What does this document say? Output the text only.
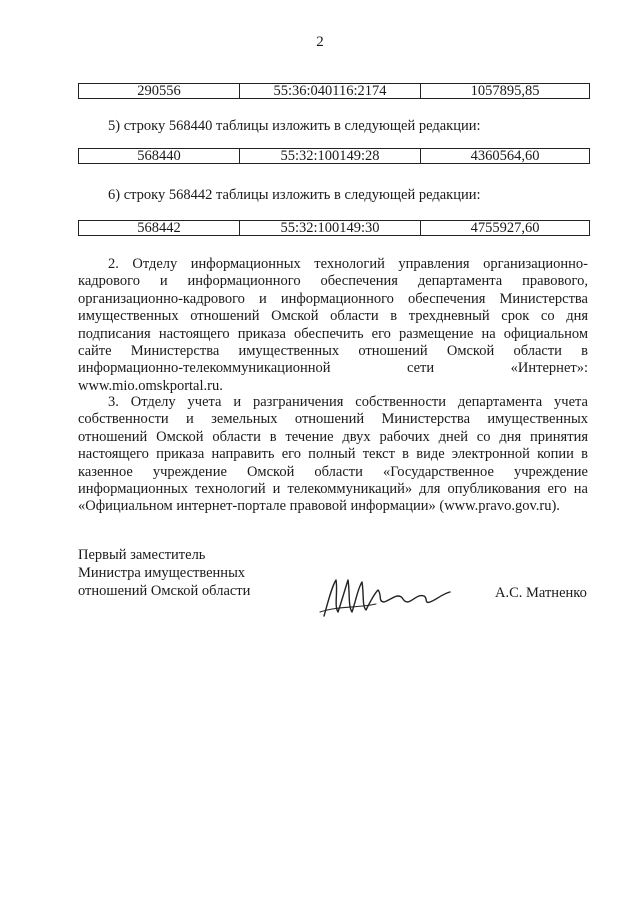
2
290556	55:36:040116:2174	1057895,85
5) строку 568440 таблицы изложить в следующей редакции:
568440	55:32:100149:28	4360564,60
6) строку 568442 таблицы изложить в следующей редакции:
568442	55:32:100149:30	4755927,60

2. Отделу информационных технологий управления организационно-кадрового и информационного обеспечения департамента правового, организационно-кадрового и информационного обеспечения Министерства имущественных отношений Омской области в трехдневный срок со дня подписания настоящего приказа обеспечить его размещение на официальном сайте Министерства имущественных отношений Омской области в информационно-телекоммуникационной сети «Интернет»: www.mio.omskportal.ru.

3. Отделу учета и разграничения собственности департамента учета собственности и земельных отношений Министерства имущественных отношений Омской области в течение двух рабочих дней со дня принятия настоящего приказа направить его полный текст в виде электронной копии в казенное учреждение Омской области «Государственное учреждение информационных технологий и телекоммуникаций» для опубликования его на «Официальном интернет-портале правовой информации» (www.pravo.gov.ru).

Первый заместитель
Министра имущественных
отношений Омской области	А.С. Матненко
